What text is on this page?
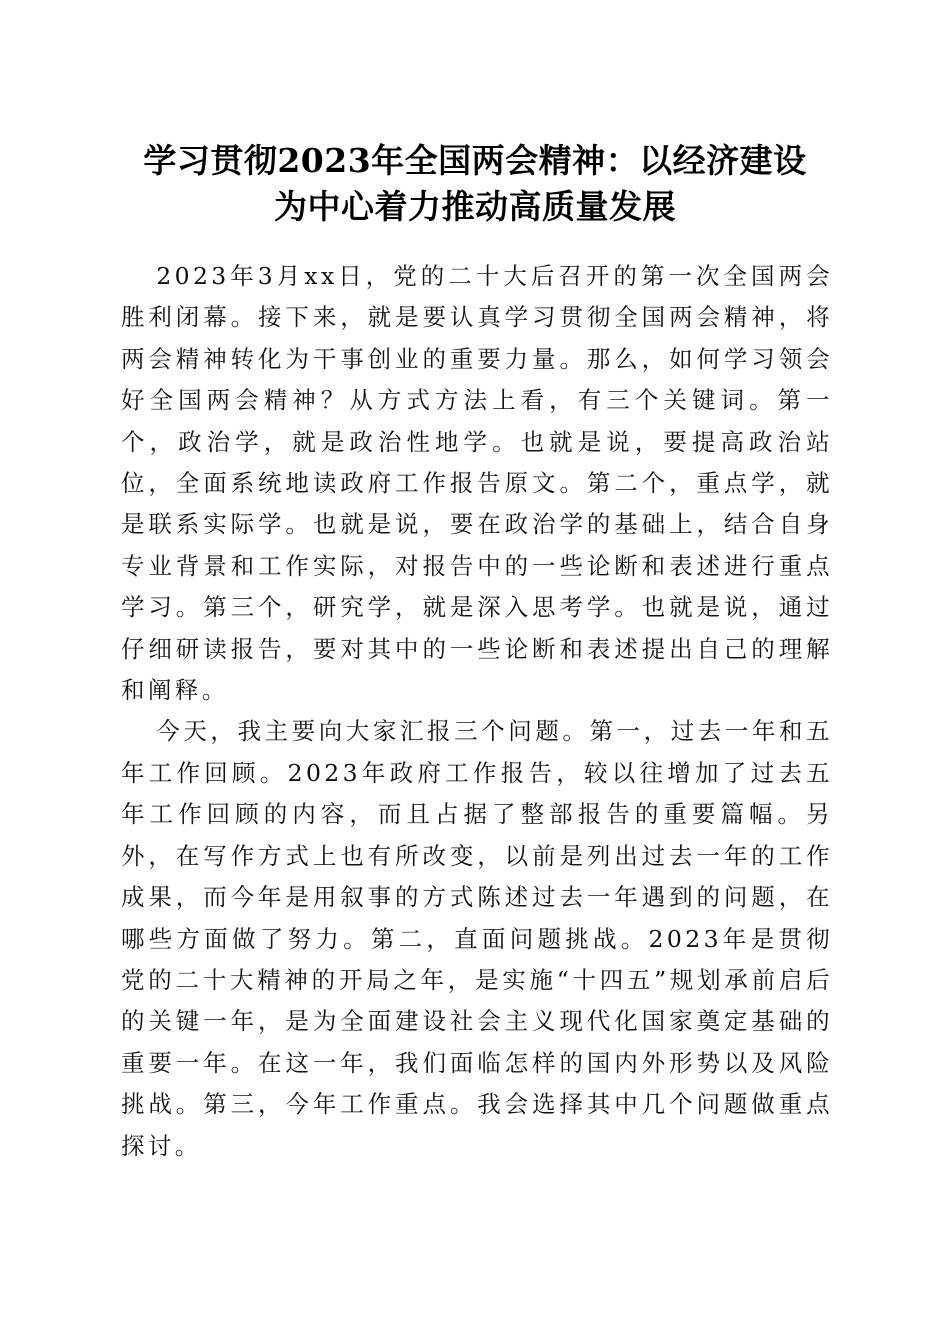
学习贯彻2023年全国两会精神：以经济建设
为中心着力推动高质量发展

2023年3月xx日，党的二十大后召开的第一次全国两会胜利闭幕。接下来，就是要认真学习贯彻全国两会精神，将两会精神转化为干事创业的重要力量。那么，如何学习领会好全国两会精神？从方式方法上看，有三个关键词。第一个，政治学，就是政治性地学。也就是说，要提高政治站位，全面系统地读政府工作报告原文。第二个，重点学，就是联系实际学。也就是说，要在政治学的基础上，结合自身专业背景和工作实际，对报告中的一些论断和表述进行重点学习。第三个，研究学，就是深入思考学。也就是说，通过仔细研读报告，要对其中的一些论断和表述提出自己的理解和阐释。

今天，我主要向大家汇报三个问题。第一，过去一年和五年工作回顾。2023年政府工作报告，较以往增加了过去五年工作回顾的内容，而且占据了整部报告的重要篇幅。另外，在写作方式上也有所改变，以前是列出过去一年的工作成果，而今年是用叙事的方式陈述过去一年遇到的问题，在哪些方面做了努力。第二，直面问题挑战。2023年是贯彻党的二十大精神的开局之年，是实施“十四五”规划承前启后的关键一年，是为全面建设社会主义现代化国家奠定基础的重要一年。在这一年，我们面临怎样的国内外形势以及风险挑战。第三，今年工作重点。我会选择其中几个问题做重点探讨。
